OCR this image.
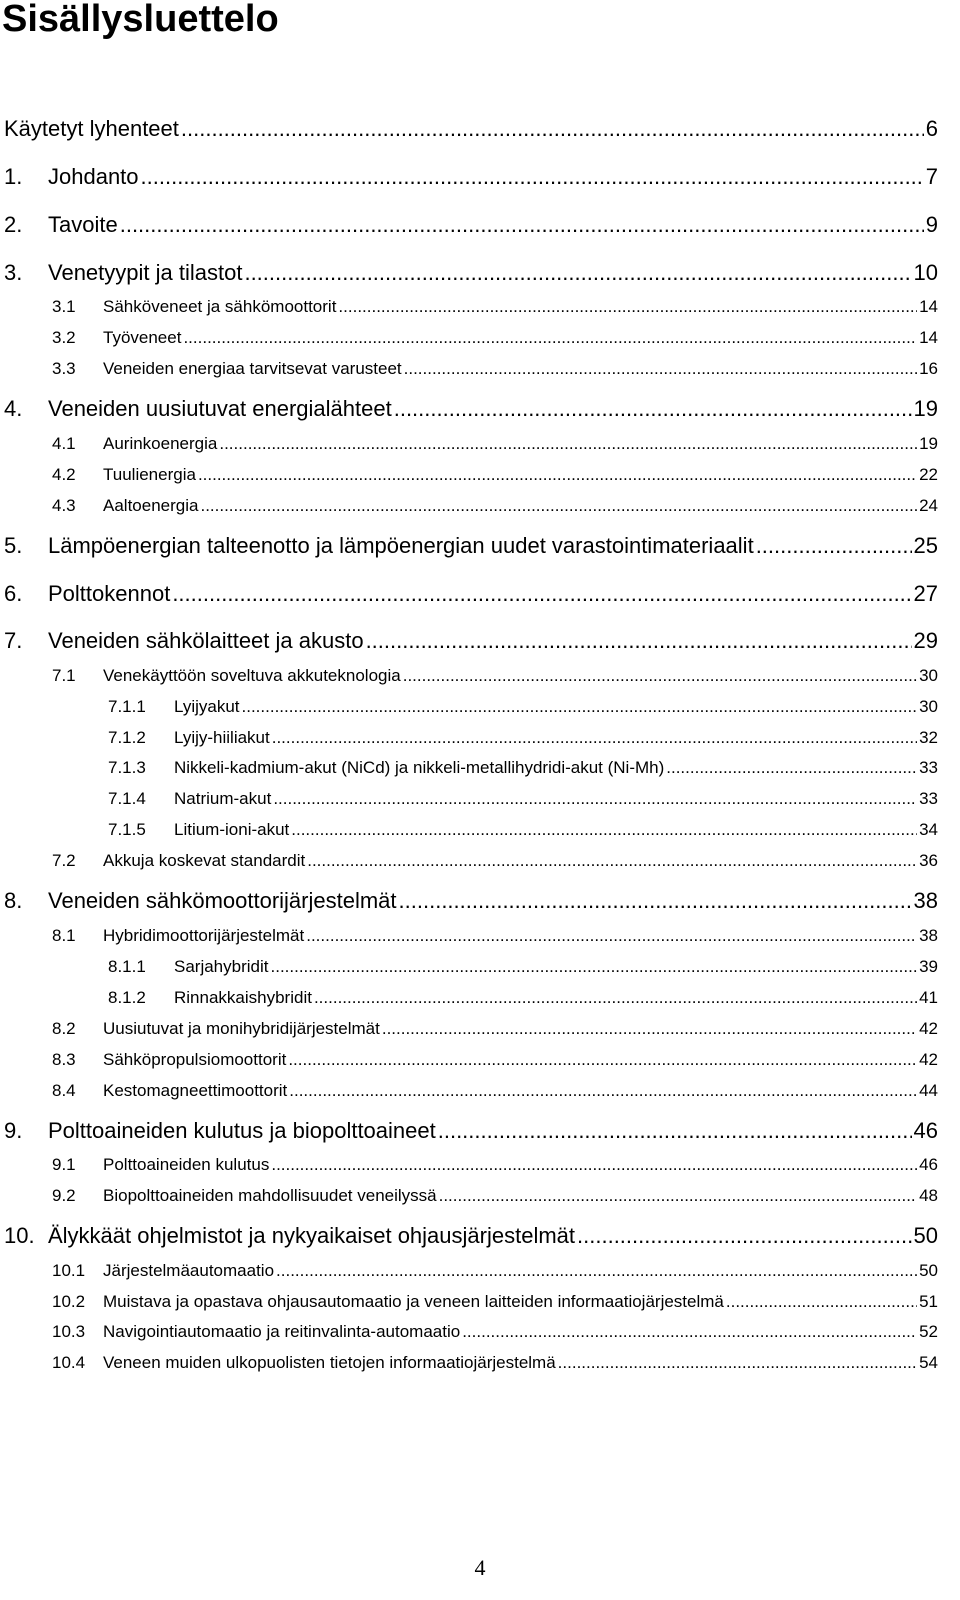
Sisällysluettelo
Käytetyt lyhenteet .....	6
1.	Johdanto .....	7
2.	Tavoite .....	9
3.	Venetyypit ja tilastot .....	10
3.1	Sähköveneet ja sähkömoottorit .....	14
3.2	Työveneet .....	14
3.3	Veneiden energiaa tarvitsevat varusteet .....	16
4.	Veneiden uusiutuvat energialähteet .....	19
4.1	Aurinkoenergia .....	19
4.2	Tuulienergia .....	22
4.3	Aaltoenergia .....	24
5.	Lämpöenergian talteenotto ja lämpöenergian uudet varastointimateriaalit .....	25
6.	Polttokennot .....	27
7.	Veneiden sähkölaitteet ja akusto .....	29
7.1	Venekäyttöön soveltuva akkuteknologia .....	30
7.1.1	Lyijyakut .....	30
7.1.2	Lyijy-hiiliakut .....	32
7.1.3	Nikkeli-kadmium-akut (NiCd) ja nikkeli-metallihydridi-akut (Ni-Mh) .....	33
7.1.4	Natrium-akut .....	33
7.1.5	Litium-ioni-akut .....	34
7.2	Akkuja koskevat standardit .....	36
8.	Veneiden sähkömoottorijärjestelmät .....	38
8.1	Hybridimoottorijärjestelmät .....	38
8.1.1	Sarjahybridit .....	39
8.1.2	Rinnakkaishybridit .....	41
8.2	Uusiutuvat ja monihybridijärjestelmät .....	42
8.3	Sähköpropulsiomoottorit .....	42
8.4	Kestomagneettimoottorit .....	44
9.	Polttoaineiden kulutus ja biopolttoaineet .....	46
9.1	Polttoaineiden kulutus .....	46
9.2	Biopolttoaineiden mahdollisuudet veneilyssä .....	48
10. Älykkäät ohjelmistot ja nykyaikaiset ohjausjärjestelmät .....	50
10.1	Järjestelmäautomaatio .....	50
10.2	Muistava ja opastava ohjausautomaatio ja veneen laitteiden informaatiojärjestelmä .....	51
10.3	Navigointiautomaatio ja reitinvalinta-automaatio .....	52
10.4	Veneen muiden ulkopuolisten tietojen informaatiojärjestelmä .....	54
4
